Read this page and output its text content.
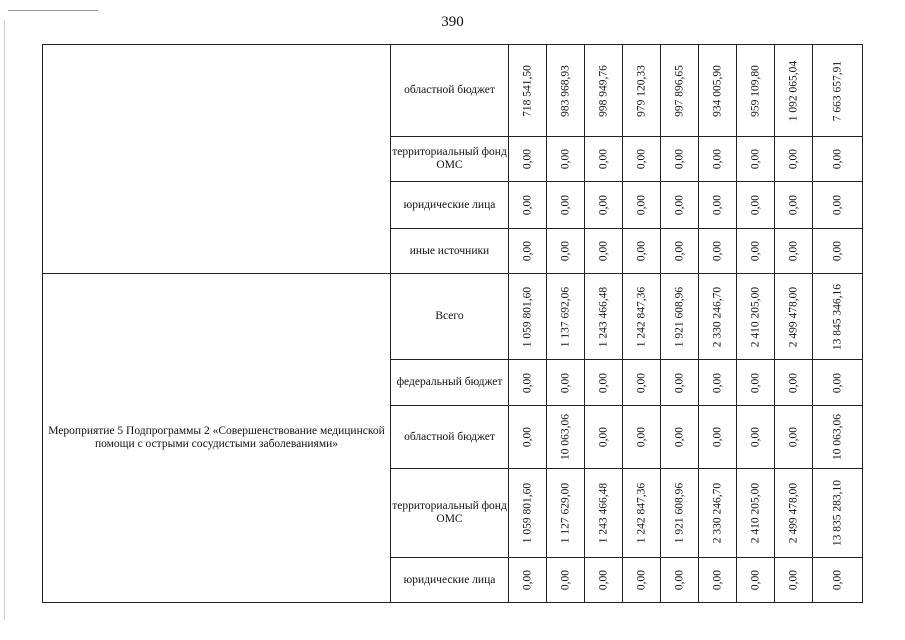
390
	областной бюджет	718 541,50	983 968,93	998 949,76	979 120,33	997 896,65	934 005,90	959 109,80	1 092 065,04	7 663 657,91

	территориальный фонд ОМС	0,00	0,00	0,00	0,00	0,00	0,00	0,00	0,00	0,00

	юридические лица	0,00	0,00	0,00	0,00	0,00	0,00	0,00	0,00	0,00

	иные источники	0,00	0,00	0,00	0,00	0,00	0,00	0,00	0,00	0,00

Мероприятие 5 Подпрограммы 2 «Совершенствование медицинской помощи с острыми сосудистыми заболеваниями»	Всего	1 059 801,60	1 137 692,06	1 243 466,48	1 242 847,36	1 921 608,96	2 330 246,70	2 410 205,00	2 499 478,00	13 845 346,16

	федеральный бюджет	0,00	0,00	0,00	0,00	0,00	0,00	0,00	0,00	0,00

	областной бюджет	0,00	10 063,06	0,00	0,00	0,00	0,00	0,00	0,00	10 063,06

	территориальный фонд ОМС	1 059 801,60	1 127 629,00	1 243 466,48	1 242 847,36	1 921 608,96	2 330 246,70	2 410 205,00	2 499 478,00	13 835 283,10

	юридические лица	0,00	0,00	0,00	0,00	0,00	0,00	0,00	0,00	0,00
